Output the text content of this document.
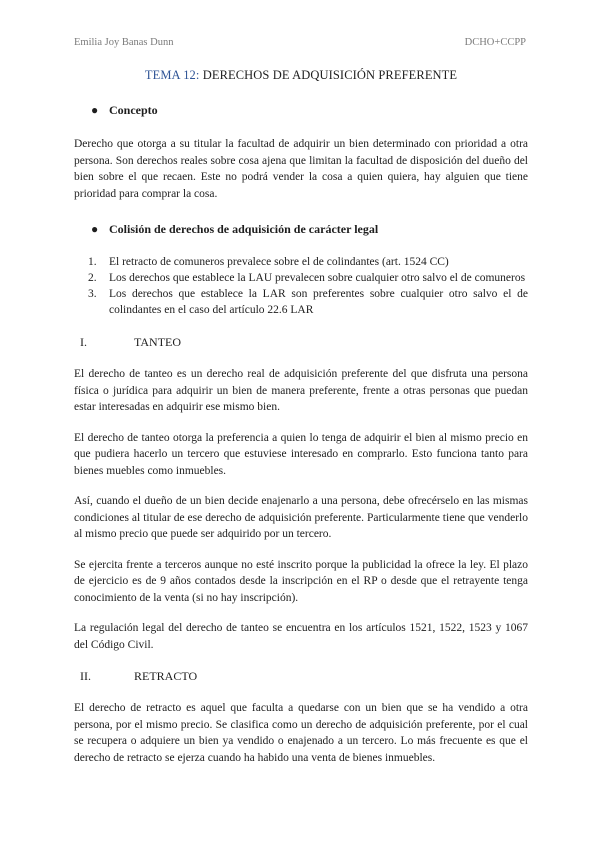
Emilia Joy Banas Dunn	DCHO+CCPP
TEMA 12: DERECHOS DE ADQUISICIÓN PREFERENTE
● Concepto

Derecho que otorga a su titular la facultad de adquirir un bien determinado con prioridad a otra persona. Son derechos reales sobre cosa ajena que limitan la facultad de disposición del dueño del bien sobre el que recaen. Este no podrá vender la cosa a quien quiera, hay alguien que tiene prioridad para comprar la cosa.

● Colisión de derechos de adquisición de carácter legal
1. El retracto de comuneros prevalece sobre el de colindantes (art. 1524 CC)
2. Los derechos que establece la LAU prevalecen sobre cualquier otro salvo el de comuneros
3. Los derechos que establece la LAR son preferentes sobre cualquier otro salvo el de colindantes en el caso del artículo 22.6 LAR
I.	TANTEO

El derecho de tanteo es un derecho real de adquisición preferente del que disfruta una persona física o jurídica para adquirir un bien de manera preferente, frente a otras personas que puedan estar interesadas en adquirir ese mismo bien.

El derecho de tanteo otorga la preferencia a quien lo tenga de adquirir el bien al mismo precio en que pudiera hacerlo un tercero que estuviese interesado en comprarlo. Esto funciona tanto para bienes muebles como inmuebles.

Así, cuando el dueño de un bien decide enajenarlo a una persona, debe ofrecérselo en las mismas condiciones al titular de ese derecho de adquisición preferente. Particularmente tiene que venderlo al mismo precio que puede ser adquirido por un tercero.

Se ejercita frente a terceros aunque no esté inscrito porque la publicidad la ofrece la ley. El plazo de ejercicio es de 9 años contados desde la inscripción en el RP o desde que el retrayente tenga conocimiento de la venta (si no hay inscripción).

La regulación legal del derecho de tanteo se encuentra en los artículos 1521, 1522, 1523 y 1067 del Código Civil.

II.	RETRACTO

El derecho de retracto es aquel que faculta a quedarse con un bien que se ha vendido a otra persona, por el mismo precio. Se clasifica como un derecho de adquisición preferente, por el cual se recupera o adquiere un bien ya vendido o enajenado a un tercero. Lo más frecuente es que el derecho de retracto se ejerza cuando ha habido una venta de bienes inmuebles.
